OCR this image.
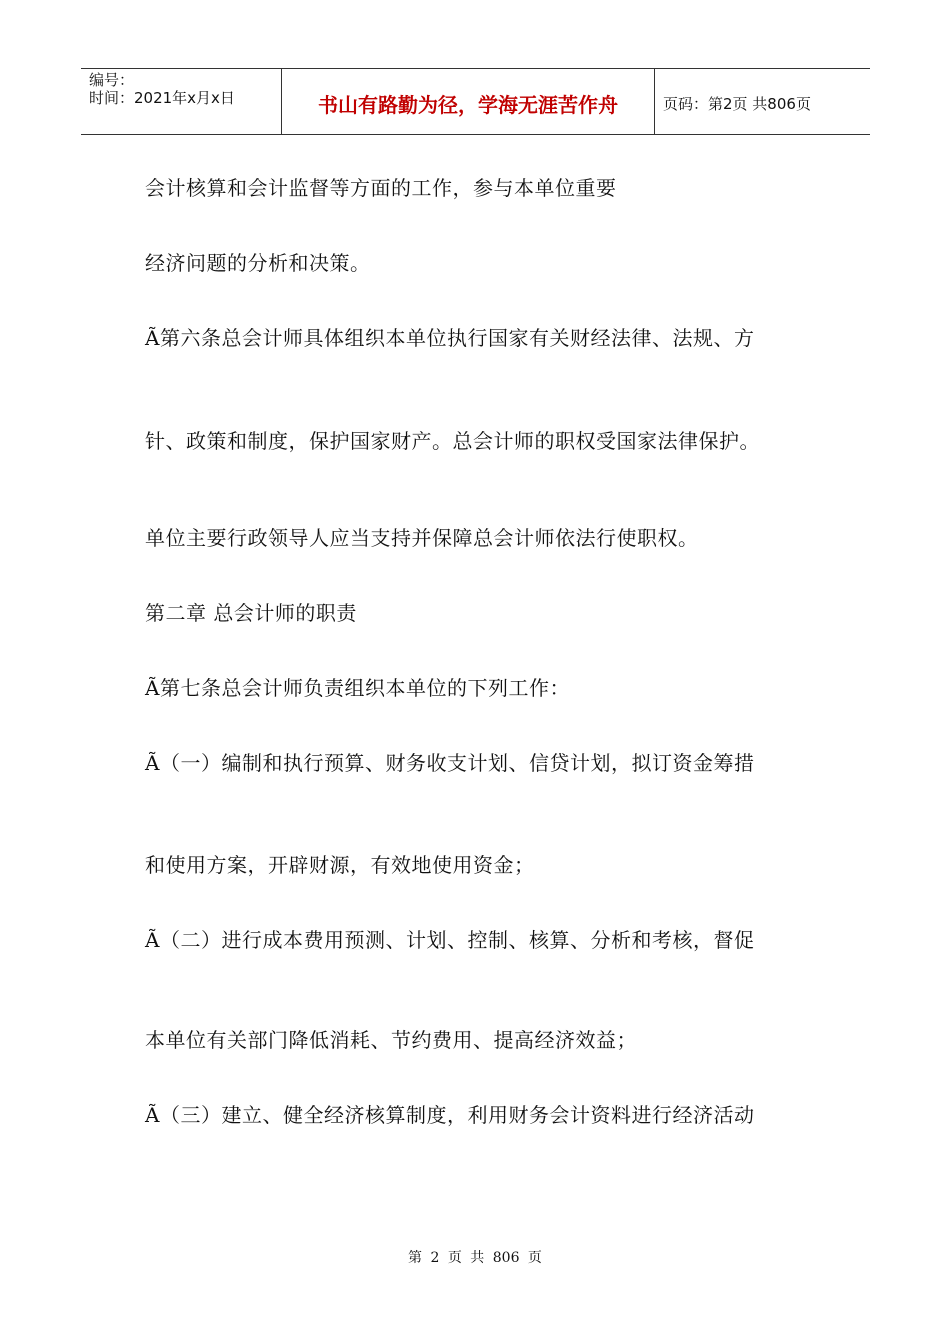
编号：
时间：2021年x月x日	书山有路勤为径，学海无涯苦作舟	页码：第2页 共806页
会计核算和会计监督等方面的工作，参与本单位重要
经济问题的分析和决策。
Ã第六条总会计师具体组织本单位执行国家有关财经法律、法规、方
针、政策和制度，保护国家财产。总会计师的职权受国家法律保护。
单位主要行政领导人应当支持并保障总会计师依法行使职权。
第二章 总会计师的职责
Ã第七条总会计师负责组织本单位的下列工作：
Ã（一）编制和执行预算、财务收支计划、信贷计划，拟订资金筹措
和使用方案，开辟财源，有效地使用资金；
Ã（二）进行成本费用预测、计划、控制、核算、分析和考核，督促
本单位有关部门降低消耗、节约费用、提高经济效益；
Ã（三）建立、健全经济核算制度，利用财务会计资料进行经济活动
第 2 页 共 806 页
